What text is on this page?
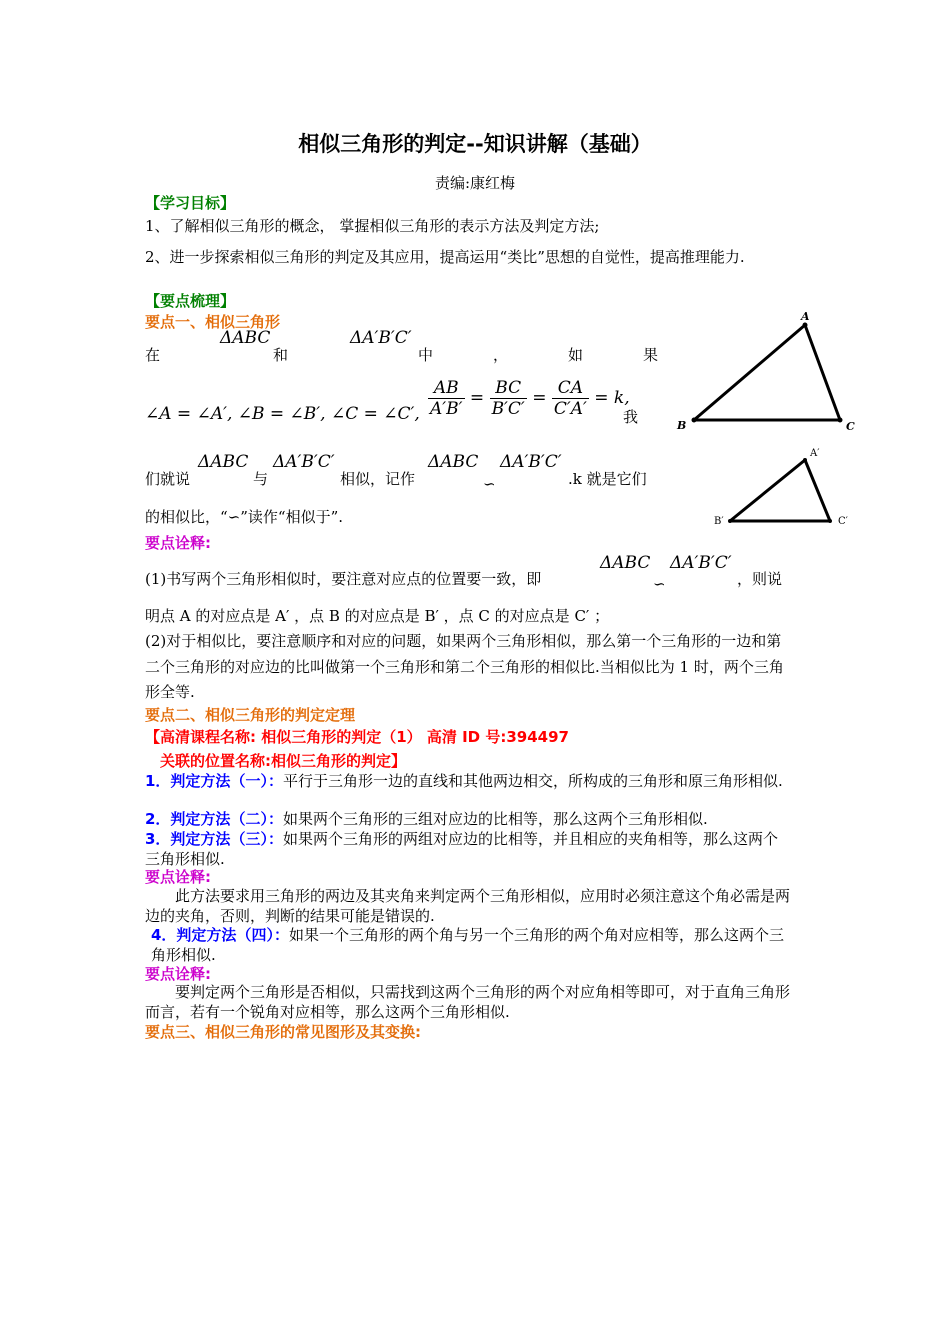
相似三角形的判定--知识讲解（基础）
责编:康红梅
【学习目标】
1、了解相似三角形的概念， 掌握相似三角形的表示方法及判定方法;
2、进一步探索相似三角形的判定及其应用，提高运用“类比”思想的自觉性，提高推理能力.
【要点梳理】
要点一、相似三角形
ΔABC	ΔA′B′C′
在	和	中	，	如	果
∠A = ∠A′, ∠B = ∠B′, ∠C = ∠C′, $\frac{AB}{A'B'} = \frac{BC}{B'C'} = \frac{CA}{C'A'} = k$,
我
们就说
ΔABC
与
ΔA′B′C′
相似，记作
ΔABC
∽
ΔA′B′C′
.k 就是它们
的相似比，“∽”读作“相似于”.
A
B	C
A′
B′	C′
要点诠释:
(1)书写两个三角形相似时，要注意对应点的位置要一致，即
ΔABC
∽
ΔA′B′C′
，则说
明点 A 的对应点是 A′ ，点 B 的对应点是 B′ ，点 C 的对应点是 C′ ；
(2)对于相似比，要注意顺序和对应的问题，如果两个三角形相似，那么第一个三角形的一边和第二个三角形的对应边的比叫做第一个三角形和第二个三角形的相似比.当相似比为 1 时，两个三角形全等.
要点二、相似三角形的判定定理
【高清课程名称: 相似三角形的判定（1） 高清 ID 号:394497
关联的位置名称:相似三角形的判定】
1．判定方法（一）：平行于三角形一边的直线和其他两边相交，所构成的三角形和原三角形相似.
2．判定方法（二）：如果两个三角形的三组对应边的比相等，那么这两个三角形相似.
3．判定方法（三）：如果两个三角形的两组对应边的比相等，并且相应的夹角相等，那么这两个三角形相似.
要点诠释:
此方法要求用三角形的两边及其夹角来判定两个三角形相似，应用时必须注意这个角必需是两边的夹角，否则，判断的结果可能是错误的.
4．判定方法（四）：如果一个三角形的两个角与另一个三角形的两个角对应相等，那么这两个三角形相似.
要点诠释:
要判定两个三角形是否相似，只需找到这两个三角形的两个对应角相等即可，对于直角三角形而言，若有一个锐角对应相等，那么这两个三角形相似.
要点三、相似三角形的常见图形及其变换:
